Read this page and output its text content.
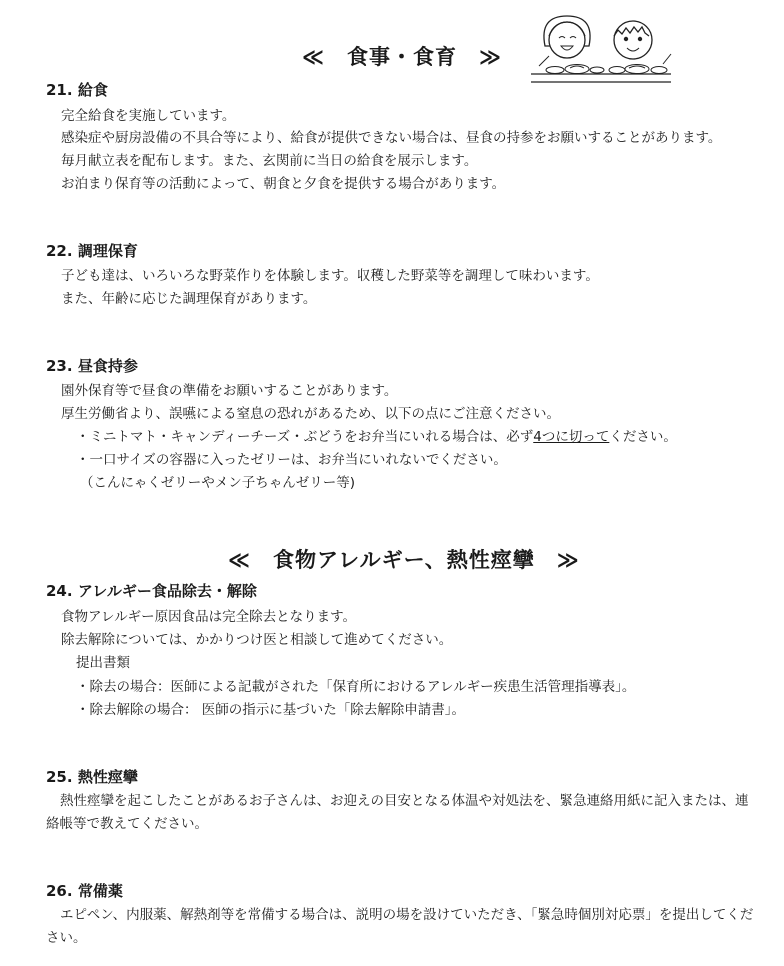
≪　食事・食育　≫
21. 給食
完全給食を実施しています。
感染症や厨房設備の不具合等により、給食が提供できない場合は、昼食の持参をお願いすることがあります。
毎月献立表を配布します。また、玄関前に当日の給食を展示します。
お泊まり保育等の活動によって、朝食と夕食を提供する場合があります。
22. 調理保育
子ども達は、いろいろな野菜作りを体験します。収穫した野菜等を調理して味わいます。
また、年齢に応じた調理保育があります。
23. 昼食持参
園外保育等で昼食の準備をお願いすることがあります。
厚生労働省より、誤嚥による窒息の恐れがあるため、以下の点にご注意ください。
・ミニトマト・キャンディーチーズ・ぶどうをお弁当にいれる場合は、必ず4つに切ってください。
・一口サイズの容器に入ったゼリーは、お弁当にいれないでください。
（こんにゃくゼリーやメン子ちゃんゼリー等)
≪　食物アレルギー、熱性痙攣　≫
24. アレルギー食品除去・解除
食物アレルギー原因食品は完全除去となります。
除去解除については、かかりつけ医と相談して進めてください。
提出書類
・除去の場合：医師による記載がされた「保育所におけるアレルギー疾患生活管理指導表」。
・除去解除の場合： 医師の指示に基づいた「除去解除申請書」。
25. 熱性痙攣
熱性痙攣を起こしたことがあるお子さんは、お迎えの目安となる体温や対処法を、緊急連絡用紙に記入または、連絡帳等で教えてください。
26. 常備薬
エピペン、内服薬、解熱剤等を常備する場合は、説明の場を設けていただき、「緊急時個別対応票」を提出してください。
